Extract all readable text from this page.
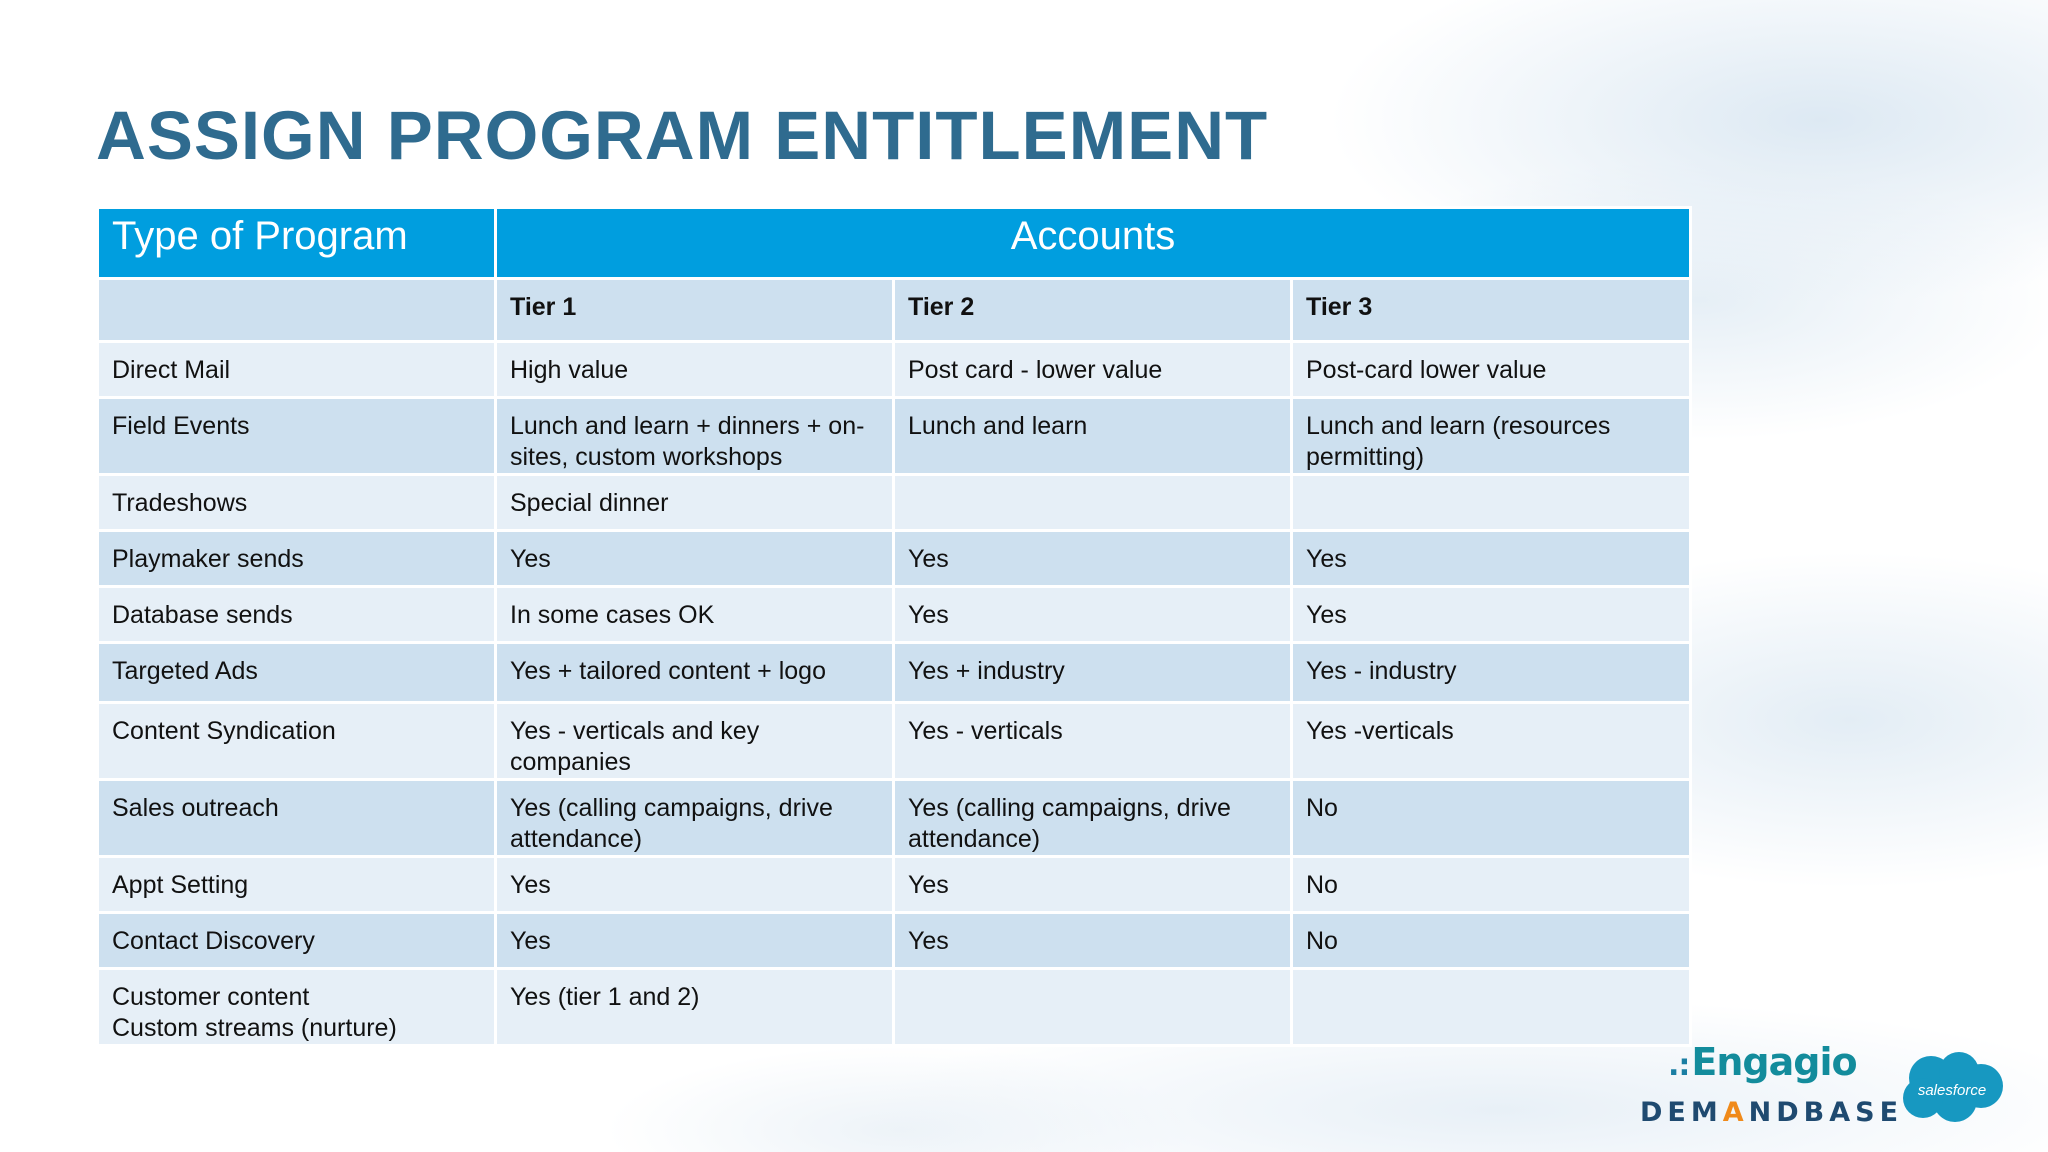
ASSIGN PROGRAM ENTITLEMENT
Type of Program	Accounts		
	Tier 1	Tier 2	Tier 3
Direct Mail	High value	Post card - lower value	Post-card lower value
Field Events	Lunch and learn + dinners + on-sites, custom workshops	Lunch and learn	Lunch and learn (resources permitting)
Tradeshows	Special dinner		
Playmaker sends	Yes	Yes	Yes
Database sends	In some cases OK	Yes	Yes
Targeted Ads	Yes + tailored content + logo	Yes + industry	Yes - industry
Content Syndication	Yes - verticals and key companies	Yes - verticals	Yes -verticals
Sales outreach	Yes (calling campaigns, drive attendance)	Yes (calling campaigns, drive attendance)	No
Appt Setting	Yes	Yes	No
Contact Discovery	Yes	Yes	No
Customer content
Custom streams (nurture)	Yes (tier 1 and 2)		
.:Engagio
DEMANDBASE
salesforce
